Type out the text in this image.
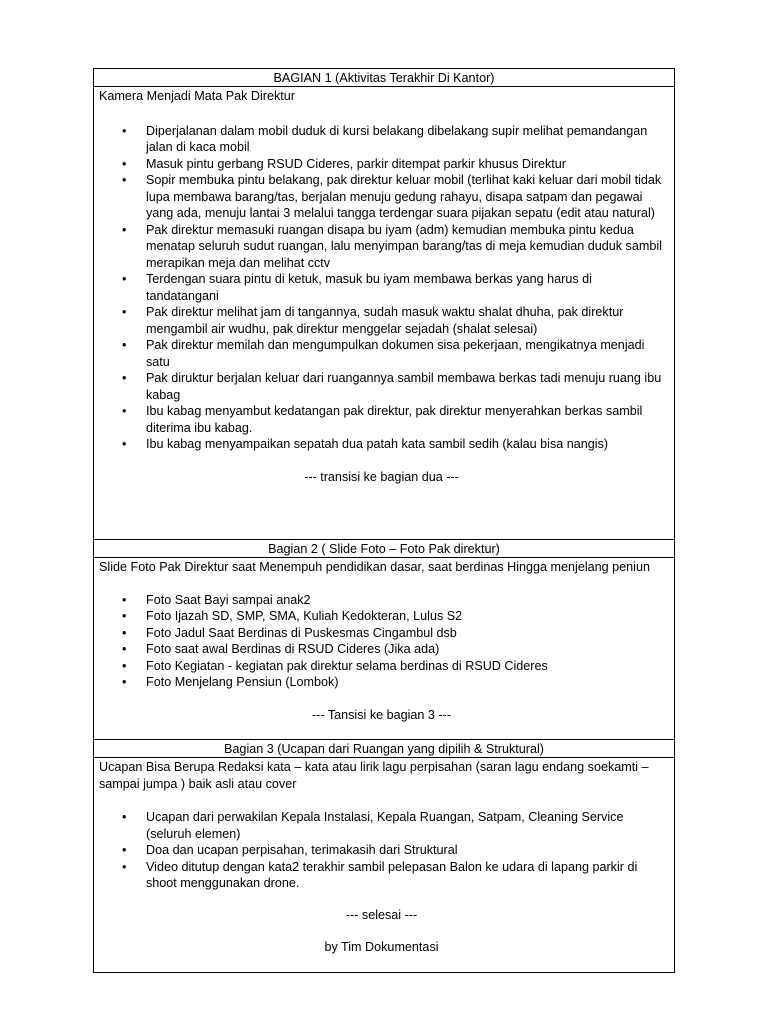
BAGIAN 1 (Aktivitas Terakhir Di Kantor)

Kamera Menjadi Mata Pak Direktur

• Diperjalanan dalam mobil duduk di kursi belakang dibelakang supir melihat pemandangan jalan di kaca mobil
• Masuk pintu gerbang RSUD Cideres, parkir ditempat parkir khusus Direktur
• Sopir membuka pintu belakang, pak direktur keluar mobil (terlihat kaki keluar dari mobil tidak lupa membawa barang/tas, berjalan menuju gedung rahayu, disapa satpam dan pegawai yang ada, menuju lantai 3 melalui tangga terdengar suara pijakan sepatu (edit atau natural)
• Pak direktur memasuki ruangan disapa bu iyam (adm) kemudian membuka pintu kedua menatap seluruh sudut ruangan, lalu menyimpan barang/tas di meja kemudian duduk sambil merapikan meja dan melihat cctv
• Terdengan suara pintu di ketuk, masuk bu iyam membawa berkas yang harus di tandatangani
• Pak direktur melihat jam di tangannya, sudah masuk waktu shalat dhuha, pak direktur mengambil air wudhu, pak direktur menggelar sejadah (shalat selesai)
• Pak direktur memilah dan mengumpulkan dokumen sisa pekerjaan, mengikatnya menjadi satu
• Pak diruktur berjalan keluar dari ruangannya sambil membawa berkas tadi menuju ruang ibu kabag
• Ibu kabag menyambut kedatangan pak direktur, pak direktur menyerahkan berkas sambil diterima ibu kabag.
• Ibu kabag menyampaikan sepatah dua patah kata sambil sedih (kalau bisa nangis)
--- transisi ke bagian dua ---
Bagian 2 ( Slide Foto – Foto Pak direktur)

Slide Foto Pak Direktur saat Menempuh pendidikan dasar, saat berdinas Hingga menjelang peniun

• Foto Saat Bayi sampai anak2
• Foto Ijazah SD, SMP, SMA, Kuliah Kedokteran, Lulus S2
• Foto Jadul Saat Berdinas di Puskesmas Cingambul dsb
• Foto saat awal Berdinas di RSUD Cideres (Jika ada)
• Foto Kegiatan - kegiatan pak direktur selama berdinas di RSUD Cideres
• Foto Menjelang Pensiun (Lombok)
--- Tansisi ke bagian 3 ---
Bagian 3 (Ucapan dari Ruangan yang dipilih & Struktural)

Ucapan Bisa Berupa Redaksi kata – kata atau lirik lagu perpisahan (saran lagu endang soekamti – sampai jumpa ) baik asli atau cover

• Ucapan dari perwakilan Kepala Instalasi, Kepala Ruangan, Satpam, Cleaning Service (seluruh elemen)
• Doa dan ucapan perpisahan, terimakasih dari Struktural
• Video ditutup dengan kata2 terakhir sambil pelepasan Balon ke udara di lapang parkir di shoot menggunakan drone.
--- selesai ---
by Tim Dokumentasi
